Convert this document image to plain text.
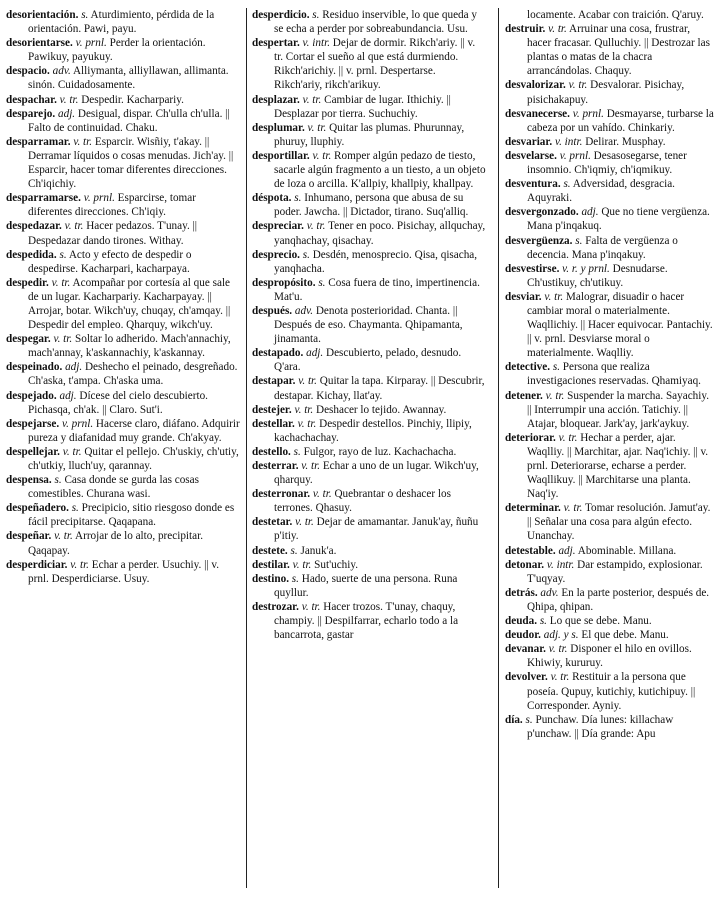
desorientación. s. Aturdimiento, pérdida de la orientación. Pawi, payu.

desorientarse. v. prnl. Perder la orientación. Pawikuy, payukuy.

despacio. adv. Alliymanta, alliyllawan, allimanta. sinón. Cuidadosamente.

despachar. v. tr. Despedir. Kacharpariy.

desparejo. adj. Desigual, dispar. Ch'ulla ch'ulla. || Falto de continuidad. Chaku.

desparramar. v. tr. Esparcir. Wisñiy, t'akay. || Derramar líquidos o cosas menudas. Jich'ay. || Esparcir, hacer tomar diferentes direcciones. Ch'iqichiy.

desparramarse. v. prnl. Esparcirse, tomar diferentes direcciones. Ch'iqiy.

despedazar. v. tr. Hacer pedazos. T'unay. || Despedazar dando tirones. Withay.

despedida. s. Acto y efecto de despedir o despedirse. Kacharpari, kacharpaya.

despedir. v. tr. Acompañar por cortesía al que sale de un lugar. Kacharpariy. Kacharpayay. || Arrojar, botar. Wikch'uy, chuqay, ch'amqay. || Despedir del empleo. Qharquy, wikch'uy.

despegar. v. tr. Soltar lo adherido. Mach'annachiy, mach'annay, k'askannachiy, k'askannay.

despeinado. adj. Deshecho el peinado, desgreñado. Ch'aska, t'ampa. Ch'aska uma.

despejado. adj. Dícese del cielo descubierto. Pichasqa, ch'ak. || Claro. Sut'i.

despejarse. v. prnl. Hacerse claro, diáfano. Adquirir pureza y diafanidad muy grande. Ch'akyay.

despellejar. v. tr. Quitar el pellejo. Ch'uskiy, ch'utiy, ch'utkiy, lluch'uy, qarannay.

despensa. s. Casa donde se gurda las cosas comestibles. Churana wasi.

despeñadero. s. Precipicio, sitio riesgoso donde es fácil precipitarse. Qaqapana.

despeñar. v. tr. Arrojar de lo alto, precipitar. Qaqapay.

desperdiciar. v. tr. Echar a perder. Usuchiy. || v. prnl. Desperdiciarse. Usuy.

desperdicio. s. Residuo inservible, lo que queda y se echa a perder por sobreabundancia. Usu.

despertar. v. intr. Dejar de dormir. Rikch'ariy. || v. tr. Cortar el sueño al que está durmiendo. Rikch'arichiy. || v. prnl. Despertarse. Rikch'ariy, rikch'arikuy.

desplazar. v. tr. Cambiar de lugar. Ithichiy. || Desplazar por tierra. Suchuchiy.

desplumar. v. tr. Quitar las plumas. Phurunnay, phuruy, lluphiy.

desportillar. v. tr. Romper algún pedazo de tiesto, sacarle algún fragmento a un tiesto, a un objeto de loza o arcilla. K'allpiy, khallpiy, khallpay.

déspota. s. Inhumano, persona que abusa de su poder. Jawcha. || Dictador, tirano. Suq'alliq.

despreciar. v. tr. Tener en poco. Pisichay, allquchay, yanqhachay, qisachay.

desprecio. s. Desdén, menosprecio. Qisa, qisacha, yanqhacha.

despropósito. s. Cosa fuera de tino, impertinencia. Mat'u.

después. adv. Denota posterioridad. Chanta. || Después de eso. Chaymanta. Qhipamanta, jinamanta.

destapado. adj. Descubierto, pelado, desnudo. Q'ara.

destapar. v. tr. Quitar la tapa. Kirparay. || Descubrir, destapar. Kichay, llat'ay.

destejer. v. tr. Deshacer lo tejido. Awannay.

destellar. v. tr. Despedir destellos. Pinchiy, llipiy, kachachachay.

destello. s. Fulgor, rayo de luz. Kachachacha.

desterrar. v. tr. Echar a uno de un lugar. Wikch'uy, qharquy.

desterronar. v. tr. Quebrantar o deshacer los terrones. Qhasuy.

destetar. v. tr. Dejar de amamantar. Januk'ay, ñuñu p'itiy.

destete. s. Januk'a.

destilar. v. tr. Sut'uchiy.

destino. s. Hado, suerte de una persona. Runa quyllur.

destrozar. v. tr. Hacer trozos. T'unay, chaquy, champiy. || Despilfarrar, echarlo todo a la bancarrota, gastar

locamente. Acabar con traición. Q'aruy.

destruir. v. tr. Arruinar una cosa, frustrar, hacer fracasar. Qulluchiy. || Destrozar las plantas o matas de la chacra arrancándolas. Chaquy.

desvalorizar. v. tr. Desvalorar. Pisichay, pisichakapuy.

desvanecerse. v. prnl. Desmayarse, turbarse la cabeza por un vahído. Chinkariy.

desvariar. v. intr. Delirar. Musphay.

desvelarse. v. prnl. Desasosegarse, tener insomnio. Ch'iqmiy, ch'iqmikuy.

desventura. s. Adversidad, desgracia. Aquyraki.

desvergonzado. adj. Que no tiene vergüenza. Mana p'inqakuq.

desvergüenza. s. Falta de vergüenza o decencia. Mana p'inqakuy.

desvestirse. v. r. y prnl. Desnudarse. Ch'ustikuy, ch'utikuy.

desviar. v. tr. Malograr, disuadir o hacer cambiar moral o materialmente. Waqllichiy. || Hacer equivocar. Pantachiy. || v. prnl. Desviarse moral o materialmente. Waqlliy.

detective. s. Persona que realiza investigaciones reservadas. Qhamiyaq.

detener. v. tr. Suspender la marcha. Sayachiy. || Interrumpir una acción. Tatichiy. || Atajar, bloquear. Jark'ay, jark'aykuy.

deteriorar. v. tr. Hechar a perder, ajar. Waqlliy. || Marchitar, ajar. Naq'ichiy. || v. prnl. Deteriorarse, echarse a perder. Waqllikuy. || Marchitarse una planta. Naq'iy.

determinar. v. tr. Tomar resolución. Jamut'ay. || Señalar una cosa para algún efecto. Unanchay.

detestable. adj. Abominable. Millana.

detonar. v. intr. Dar estampido, explosionar. T'uqyay.

detrás. adv. En la parte posterior, después de. Qhipa, qhipan.

deuda. s. Lo que se debe. Manu.

deudor. adj. y s. El que debe. Manu.

devanar. v. tr. Disponer el hilo en ovillos. Khiwiy, kururuy.

devolver. v. tr. Restituir a la persona que poseía. Qupuy, kutichiy, kutichipuy. || Corresponder. Ayniy.

día. s. Punchaw. Día lunes: killachaw p'unchaw. || Día grande: Apu
